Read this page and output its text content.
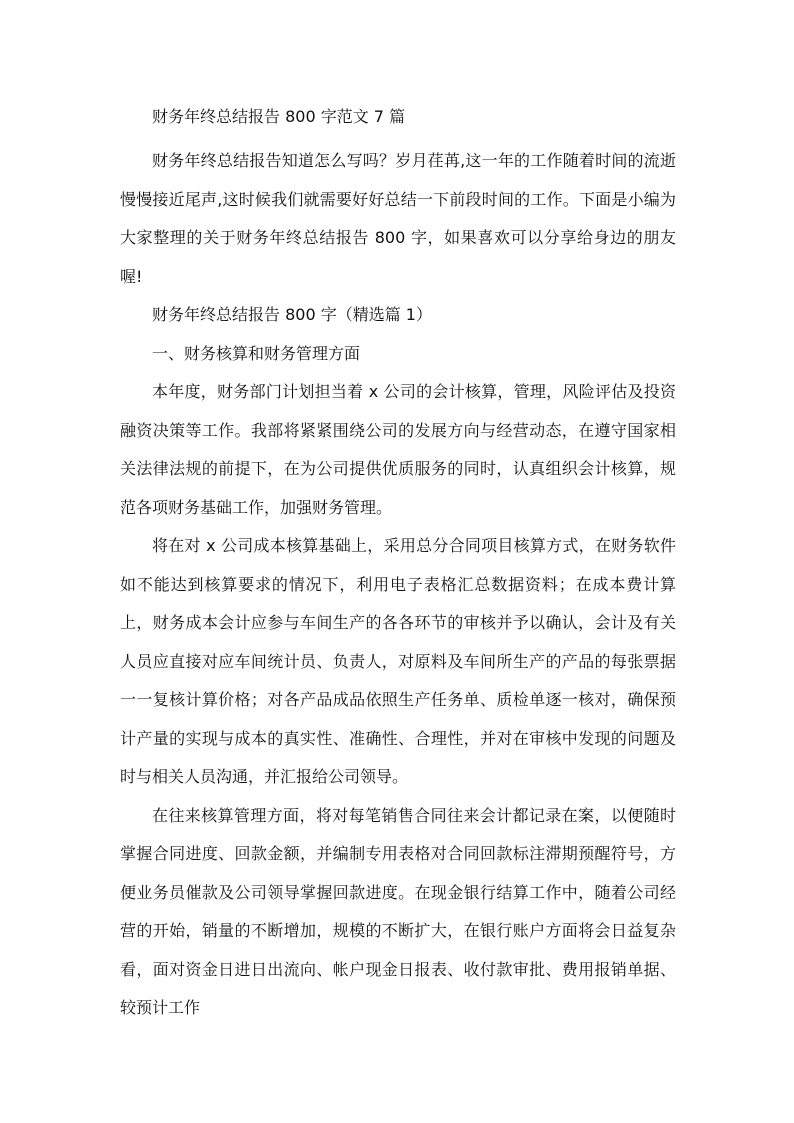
财务年终总结报告 800 字范文 7 篇

财务年终总结报告知道怎么写吗？岁月荏苒,这一年的工作随着时间的流逝慢慢接近尾声,这时候我们就需要好好总结一下前段时间的工作。下面是小编为大家整理的关于财务年终总结报告 800 字，如果喜欢可以分享给身边的朋友喔!

财务年终总结报告 800 字（精选篇 1）

一、财务核算和财务管理方面

本年度，财务部门计划担当着 x 公司的会计核算，管理，风险评估及投资融资决策等工作。我部将紧紧围绕公司的发展方向与经营动态，在遵守国家相关法律法规的前提下，在为公司提供优质服务的同时，认真组织会计核算，规范各项财务基础工作，加强财务管理。

将在对 x 公司成本核算基础上，采用总分合同项目核算方式，在财务软件如不能达到核算要求的情况下，利用电子表格汇总数据资料；在成本费计算上，财务成本会计应参与车间生产的各各环节的审核并予以确认，会计及有关人员应直接对应车间统计员、负责人，对原料及车间所生产的产品的每张票据一一复核计算价格；对各产品成品依照生产任务单、质检单逐一核对，确保预计产量的实现与成本的真实性、准确性、合理性，并对在审核中发现的问题及时与相关人员沟通，并汇报给公司领导。

在往来核算管理方面，将对每笔销售合同往来会计都记录在案，以便随时掌握合同进度、回款金额，并编制专用表格对合同回款标注滞期预醒符号，方便业务员催款及公司领导掌握回款进度。在现金银行结算工作中，随着公司经营的开始，销量的不断增加，规模的不断扩大，在银行账户方面将会日益复杂看，面对资金日进日出流向、帐户现金日报表、收付款审批、费用报销单据、较预计工作
